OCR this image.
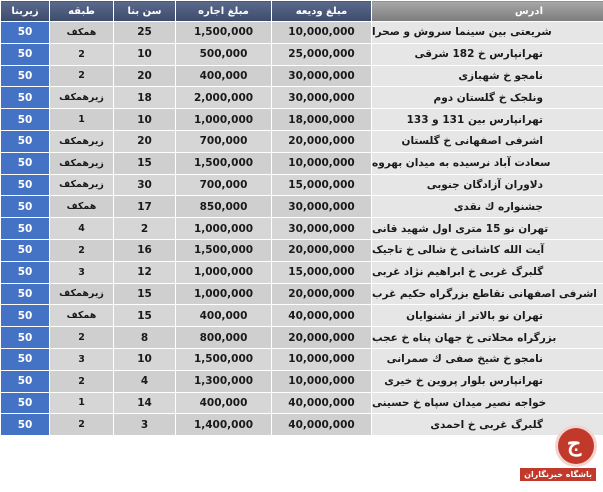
زیربنا	طبقه	سن بنا	مبلغ اجاره	مبلغ ودیعه	ادرس
50	همکف	25	1,500,000	10,000,000	شریعتی بین سینما سروش و صحرا
50	2	10	500,000	25,000,000	تهرانپارس خ 182 شرقی
50	2	20	400,000	30,000,000	نامجو خ شهبازی
50	زیرهمکف	18	2,000,000	30,000,000	ونلجک خ گلستان دوم
50	1	10	1,000,000	18,000,000	تهرانپارس بین 131 و 133
50	زیرهمکف	20	700,000	20,000,000	اشرفی اصفهانی خ گلستان
50	زیرهمکف	15	1,500,000	10,000,000	سعادت آباد نرسیده به میدان بهروه
50	زیرهمکف	30	700,000	15,000,000	دلاوران آزادگان جنوبی
50	همکف	17	850,000	30,000,000	جشنواره ك نقدی
50	4	2	1,000,000	30,000,000	تهران نو 15 متری اول شهید قانی
50	2	16	1,500,000	20,000,000	آیت الله کاشانی خ شالی خ تاجیک
50	3	12	1,000,000	15,000,000	گلبرگ غربی خ ابراهیم نژاد غربی
50	زیرهمکف	15	1,000,000	20,000,000	اشرفی اصفهانی تقاطع بزرگراه حکیم غرب
50	همکف	15	400,000	40,000,000	تهران نو بالاتر از نشنوایان
50	2	8	800,000	20,000,000	بزرگراه محلاتی خ جهان پناه خ عجب
50	3	10	1,500,000	10,000,000	نامجو خ شیخ صفی ك صمرانی
50	2	4	1,300,000	10,000,000	تهرانپارس بلوار پروین خ خیری
50	1	14	400,000	40,000,000	خواجه نصیر میدان سپاه خ حسینی
50	2	3	1,400,000	40,000,000	گلبرگ غربی خ احمدی
ج
باشگاه خبرنگاران
